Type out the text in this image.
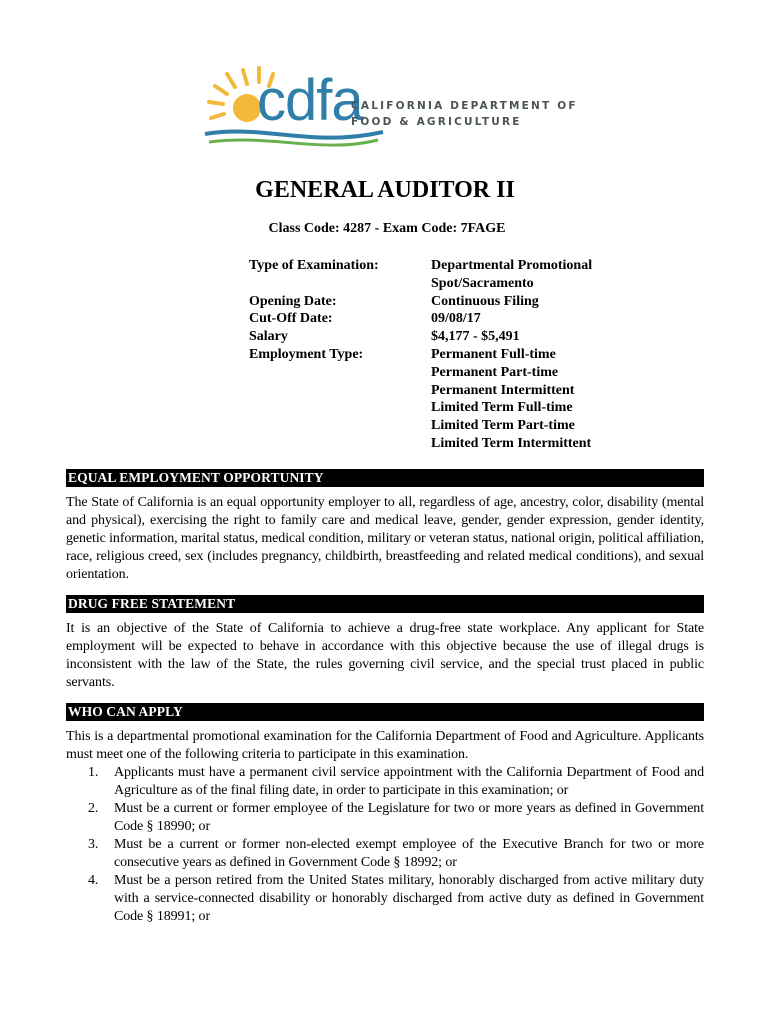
cdfa
CALIFORNIA DEPARTMENT OF
FOOD & AGRICULTURE
GENERAL AUDITOR II
Class Code: 4287 - Exam Code: 7FAGE
Type of Examination:	Departmental Promotional
Spot/Sacramento
Opening Date:	Continuous Filing
Cut-Off Date:	09/08/17
Salary	$4,177 - $5,491
Employment Type:	Permanent Full-time
Permanent Part-time
Permanent Intermittent
Limited Term Full-time
Limited Term Part-time
Limited Term Intermittent
EQUAL EMPLOYMENT OPPORTUNITY
The State of California is an equal opportunity employer to all, regardless of age, ancestry, color, disability (mental and physical), exercising the right to family care and medical leave, gender, gender expression, gender identity, genetic information, marital status, medical condition, military or veteran status, national origin, political affiliation, race, religious creed, sex (includes pregnancy, childbirth, breastfeeding and related medical conditions), and sexual orientation.
DRUG FREE STATEMENT
It is an objective of the State of California to achieve a drug-free state workplace. Any applicant for State employment will be expected to behave in accordance with this objective because the use of illegal drugs is inconsistent with the law of the State, the rules governing civil service, and the special trust placed in public servants.
WHO CAN APPLY
This is a departmental promotional examination for the California Department of Food and Agriculture. Applicants must meet one of the following criteria to participate in this examination.
1. Applicants must have a permanent civil service appointment with the California Department of Food and Agriculture as of the final filing date, in order to participate in this examination; or
2. Must be a current or former employee of the Legislature for two or more years as defined in Government Code § 18990; or
3. Must be a current or former non-elected exempt employee of the Executive Branch for two or more consecutive years as defined in Government Code § 18992; or
4. Must be a person retired from the United States military, honorably discharged from active military duty with a service-connected disability or honorably discharged from active duty as defined in Government Code § 18991; or
